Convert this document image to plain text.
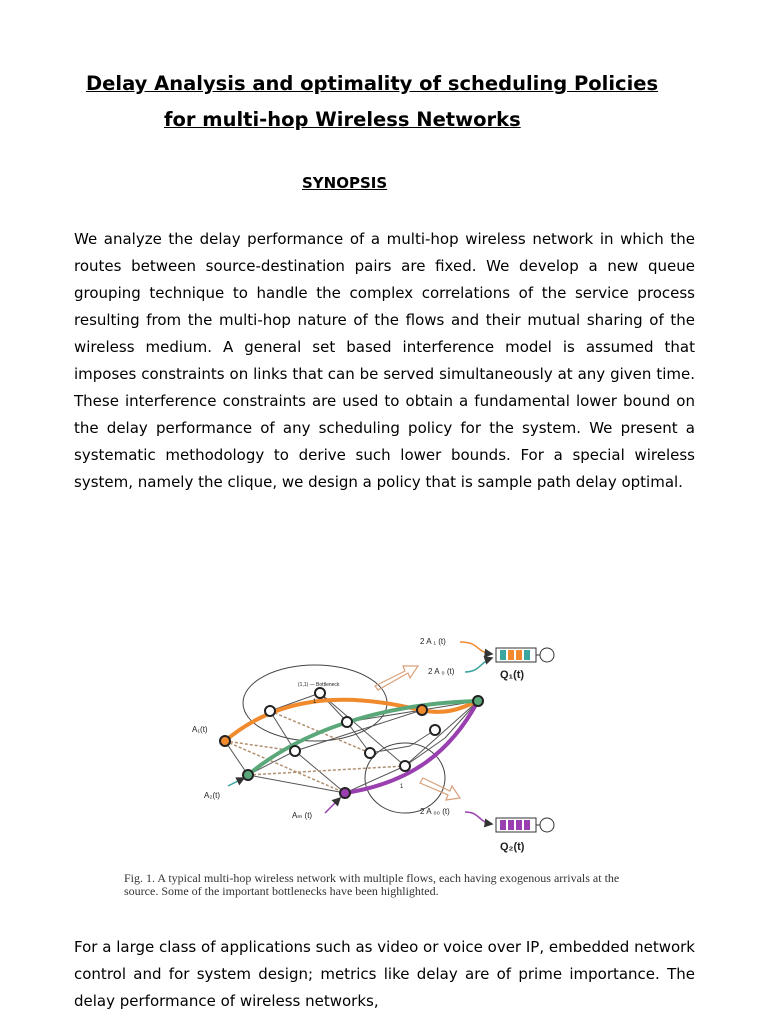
Delay Analysis and optimality of scheduling Policies
for multi-hop Wireless Networks
SYNOPSIS

We analyze the delay performance of a multi-hop wireless network in which the routes between source-destination pairs are fixed. We develop a new queue grouping technique to handle the complex correlations of the service process resulting from the multi-hop nature of the flows and their mutual sharing of the wireless medium. A general set based interference model is assumed that imposes constraints on links that can be served simultaneously at any given time. These interference constraints are used to obtain a fundamental lower bound on the delay performance of any scheduling policy for the system. We present a systematic methodology to derive such lower bounds. For a special wireless system, namely the clique, we design a policy that is sample path delay optimal.

A₁(t)
A₂(t)
Aₘ (t)
(1,1) — Bottleneck
1
1
2 A ₁ (t)
2 A ₀ (t)	Q₁(t)
2 A ₀₀ (t)
Q₂(t)

Fig. 1. A typical multi-hop wireless network with multiple flows, each having exogenous arrivals at the source. Some of the important bottlenecks have been highlighted.

For a large class of applications such as video or voice over IP, embedded network control and for system design; metrics like delay are of prime importance. The delay performance of wireless networks,
